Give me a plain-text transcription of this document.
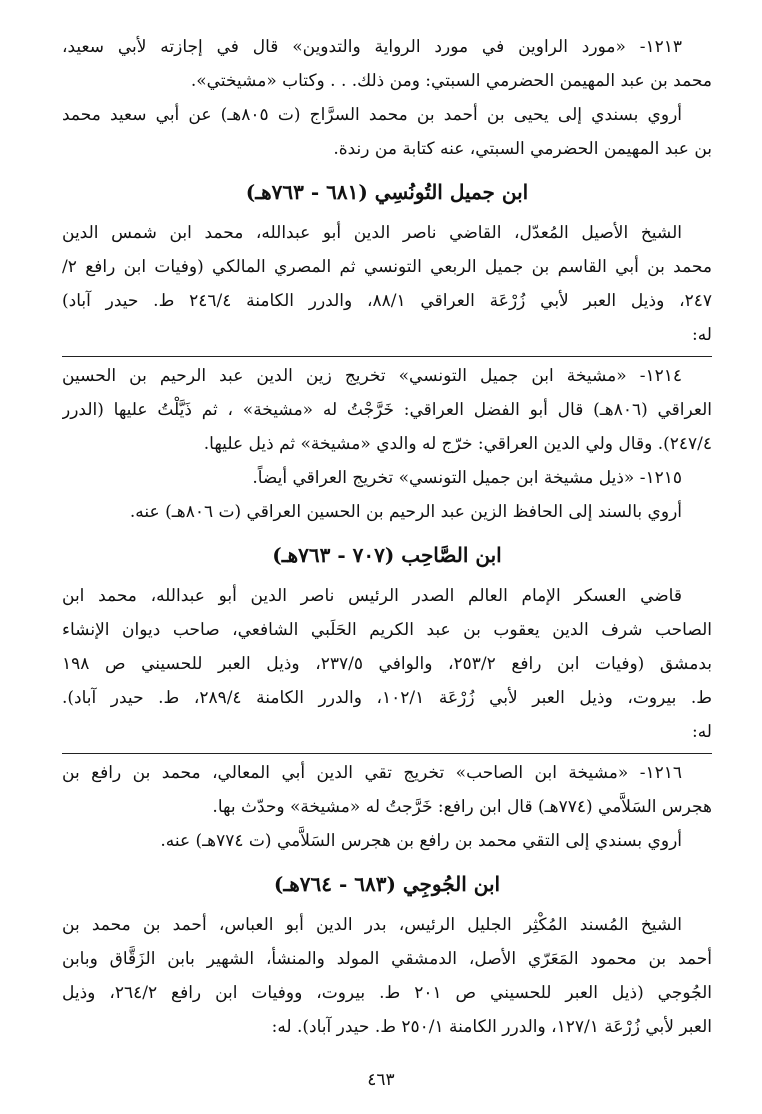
١٢١٣- «مورد الراوين في مورد الرواية والتدوين» قال في إجازته لأبي سعيد،
محمد بن عبد المهيمن الحضرمي السبتي: ومن ذلك. . . وكتاب «مشيختي».
أروي بسندي إلى يحيى بن أحمد بن محمد السرَّاج (ت ٨٠٥هـ) عن أبي سعيد محمد
بن عبد المهيمن الحضرمي السبتي، عنه كتابة من رندة.
ابن جميل التُونُسِي (٦٨١ - ٧٦٣هـ)
الشيخ الأصيل المُعدّل، القاضي ناصر الدين أبو عبدالله، محمد ابن شمس الدين
محمد بن أبي القاسم بن جميل الربعي التونسي ثم المصري المالكي (وفيات ابن رافع ٢/
٢٤٧، وذيل العبر لأبي زُرْعَة العراقي ٨٨/١، والدرر الكامنة ٢٤٦/٤ ط. حيدر آباد)
له:
١٢١٤- «مشيخة ابن جميل التونسي» تخريج زين الدين عبد الرحيم بن الحسين
العراقي (٨٠٦هـ) قال أبو الفضل العراقي: خَرَّجْتُ له «مشيخة» ، ثم ذَيَّلْتُ عليها (الدرر
٢٤٧/٤). وقال ولي الدين العراقي: خرّج له والدي «مشيخة» ثم ذيل عليها.
١٢١٥- «ذيل مشيخة ابن جميل التونسي» تخريج العراقي أيضاً.
أروي بالسند إلى الحافظ الزين عبد الرحيم بن الحسين العراقي (ت ٨٠٦هـ) عنه.
ابن الصَّاحِب (٧٠٧ - ٧٦٣هـ)
قاضي العسكر الإمام العالم الصدر الرئيس ناصر الدين أبو عبدالله، محمد ابن
الصاحب شرف الدين يعقوب بن عبد الكريم الحَلَبي الشافعي، صاحب ديوان الإنشاء
بدمشق (وفيات ابن رافع ٢٥٣/٢، والوافي ٢٣٧/٥، وذيل العبر للحسيني ص ١٩٨
ط. بيروت، وذيل العبر لأبي زُرْعَة ١٠٢/١، والدرر الكامنة ٢٨٩/٤، ط. حيدر آباد).
له:
١٢١٦- «مشيخة ابن الصاحب» تخريج تقي الدين أبي المعالي، محمد بن رافع بن
هجرس السَلاَّمي (٧٧٤هـ) قال ابن رافع: خَرَّجتُ له «مشيخة» وحدّث بها.
أروي بسندي إلى التقي محمد بن رافع بن هجرس السَلاَّمي (ت ٧٧٤هـ) عنه.
ابن الجُوجِي (٦٨٣ - ٧٦٤هـ)
الشيخ المُسند المُكْثِر الجليل الرئيس، بدر الدين أبو العباس، أحمد بن محمد بن
أحمد بن محمود المَعَرّي الأصل، الدمشقي المولد والمنشأ، الشهير بابن الزَقَّاق وبابن
الجُوجي (ذيل العبر للحسيني ص ٢٠١ ط. بيروت، ووفيات ابن رافع ٢٦٤/٢، وذيل
العبر لأبي زُرْعَة ١٢٧/١، والدرر الكامنة ٢٥٠/١ ط. حيدر آباد). له:
٤٦٣
